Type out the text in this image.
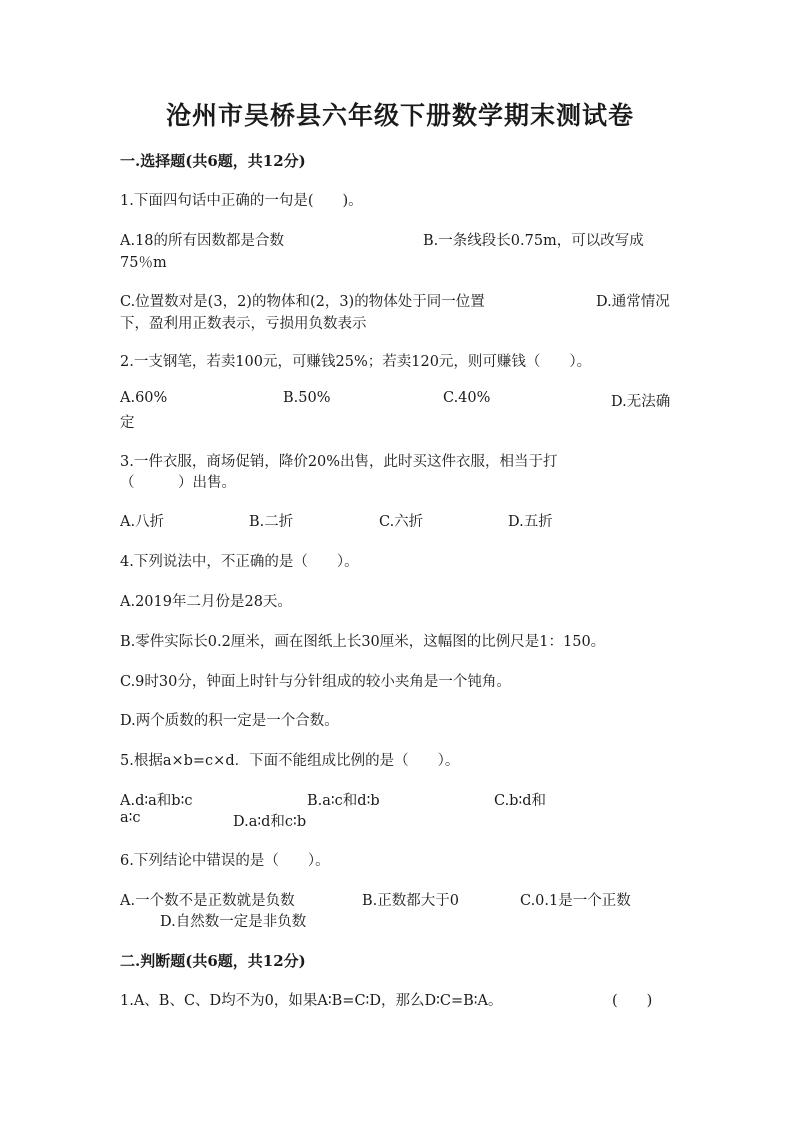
沧州市吴桥县六年级下册数学期末测试卷
一.选择题(共6题，共12分)
1.下面四句话中正确的一句是(　　)。
A.18的所有因数都是合数	B.一条线段长0.75m，可以改写成
75％m
C.位置数对是(3，2)的物体和(2，3)的物体处于同一位置	D.通常情况
下，盈利用正数表示，亏损用负数表示
2.一支钢笔，若卖100元，可赚钱25%；若卖120元，则可赚钱（　　）。
A.60%	B.50%	C.40%	D.无法确
定
3.一件衣服，商场促销，降价20%出售，此时买这件衣服，相当于打
（　　　）出售。
A.八折	B.二折	C.六折	D.五折
4.下列说法中，不正确的是（　　）。
A.2019年二月份是28天。
B.零件实际长0.2厘米，画在图纸上长30厘米，这幅图的比例尺是1：150。
C.9时30分，钟面上时针与分针组成的较小夹角是一个钝角。
D.两个质数的积一定是一个合数。
5.根据a×b=c×d．下面不能组成比例的是（　　）。
A.d∶a和b∶c	B.a∶c和d∶b	C.b∶d和
a∶c	D.a∶d和c∶b
6.下列结论中错误的是（　　）。
A.一个数不是正数就是负数	B.正数都大于0	C.0.1是一个正数
D.自然数一定是非负数
二.判断题(共6题，共12分)
1.A、B、C、D均不为0，如果A∶B=C∶D，那么D∶C=B∶A。	(　　)
